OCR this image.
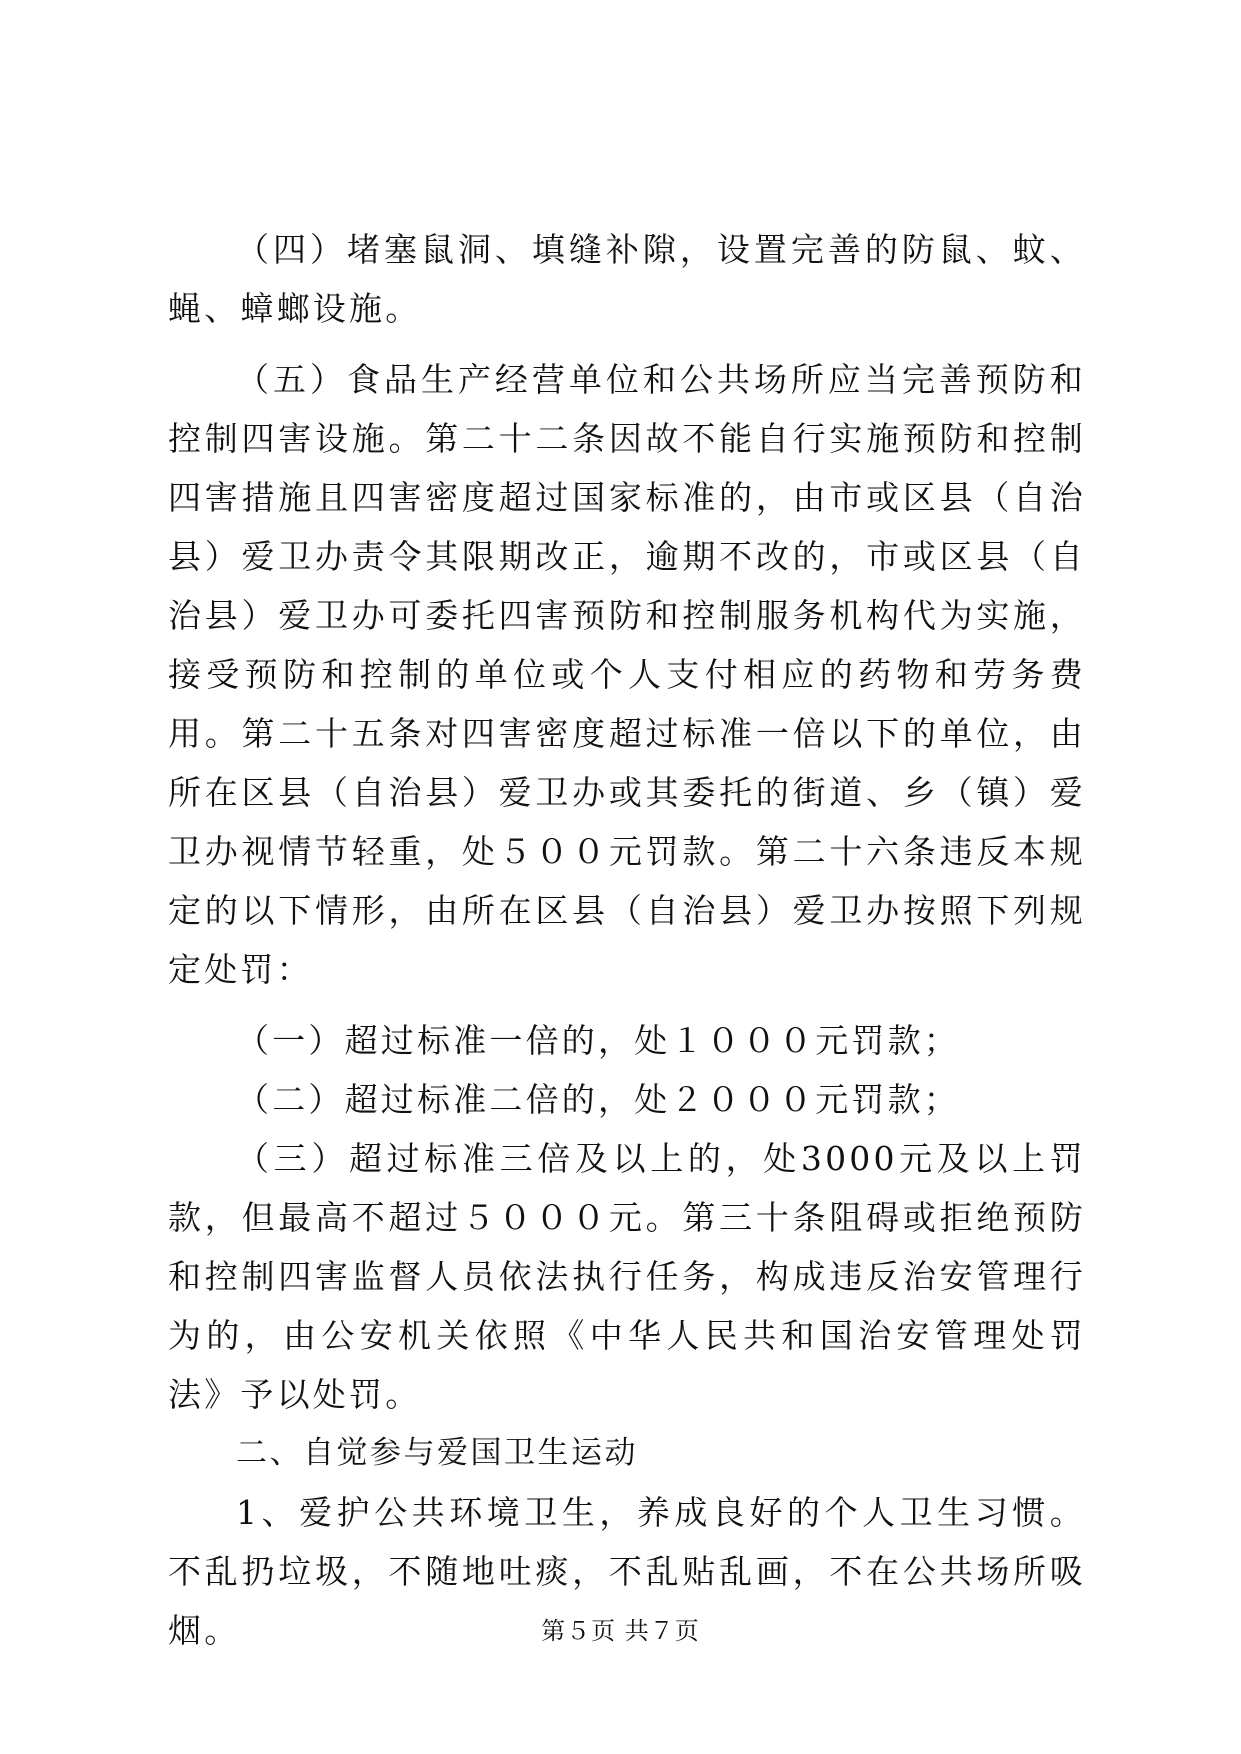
（四）堵塞鼠洞、填缝补隙，设置完善的防鼠、蚊、蝇、蟑螂设施。

（五）食品生产经营单位和公共场所应当完善预防和控制四害设施。第二十二条因故不能自行实施预防和控制四害措施且四害密度超过国家标准的，由市或区县（自治县）爱卫办责令其限期改正，逾期不改的，市或区县（自治县）爱卫办可委托四害预防和控制服务机构代为实施，接受预防和控制的单位或个人支付相应的药物和劳务费用。第二十五条对四害密度超过标准一倍以下的单位，由所在区县（自治县）爱卫办或其委托的街道、乡（镇）爱卫办视情节轻重，处５００元罚款。第二十六条违反本规定的以下情形，由所在区县（自治县）爱卫办按照下列规定处罚：

（一）超过标准一倍的，处１０００元罚款；

（二）超过标准二倍的，处２０００元罚款；

（三）超过标准三倍及以上的，处3000元及以上罚款，但最高不超过５０００元。第三十条阻碍或拒绝预防和控制四害监督人员依法执行任务，构成违反治安管理行为的，由公安机关依照《中华人民共和国治安管理处罚法》予以处罚。

二、自觉参与爱国卫生运动

1、爱护公共环境卫生，养成良好的个人卫生习惯。不乱扔垃圾，不随地吐痰，不乱贴乱画，不在公共场所吸烟。	第５页 共７页
